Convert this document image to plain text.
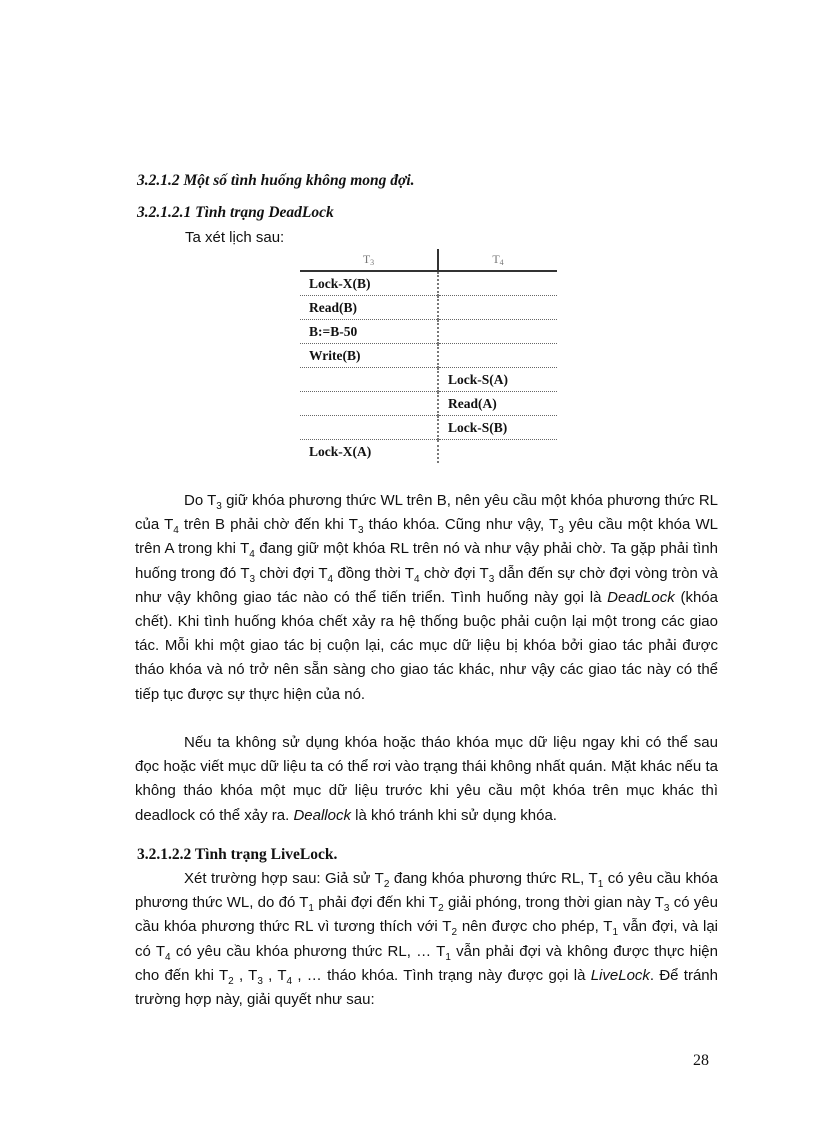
3.2.1.2 Một số tình huống không mong đợi.
3.2.1.2.1 Tình trạng DeadLock
Ta xét lịch sau:
$T_3$	$T_4$
Lock-X(B)	
Read(B)	
B:=B-50	
Write(B)	
	Lock-S(A)
	Read(A)
	Lock-S(B)
Lock-X(A)	

Do $T_3$ giữ khóa phương thức WL trên B, nên yêu cầu một khóa phương thức RL của $T_4$ trên B phải chờ đến khi $T_3$ tháo khóa. Cũng như vậy, $T_3$ yêu cầu một khóa WL trên A trong khi $T_4$ đang giữ một khóa RL trên nó và như vậy phải chờ. Ta gặp phải tình huống trong đó $T_3$ chời đợi $T_4$ đồng thời $T_4$ chờ đợi $T_3$ dẫn đến sự chờ đợi vòng tròn và như vậy không giao tác nào có thể tiến triển. Tình huống này gọi là DeadLock (khóa chết). Khi tình huống khóa chết xảy ra hệ thống buộc phải cuộn lại một trong các giao tác. Mỗi khi một giao tác bị cuộn lại, các mục dữ liệu bị khóa bởi giao tác phải được tháo khóa và nó trở nên sẵn sàng cho giao tác khác, như vậy các giao tác này có thể tiếp tục được sự thực hiện của nó.

Nếu ta không sử dụng khóa hoặc tháo khóa mục dữ liệu ngay khi có thể sau đọc hoặc viết mục dữ liệu ta có thể rơi vào trạng thái không nhất quán. Mặt khác nếu ta không tháo khóa một mục dữ liệu trước khi yêu cầu một khóa trên mục khác thì deadlock có thể xảy ra. Deallock là khó tránh khi sử dụng khóa.

3.2.1.2.2 Tình trạng LiveLock.

Xét trường hợp sau: Giả sử $T_2$ đang khóa phương thức RL, $T_1$ có yêu cầu khóa phương thức WL, do đó $T_1$ phải đợi đến khi $T_2$ giải phóng, trong thời gian này $T_3$ có yêu cầu khóa phương thức RL vì tương thích với $T_2$ nên được cho phép, $T_1$ vẫn đợi, và lại có $T_4$ có yêu cầu khóa phương thức RL, … $T_1$ vẫn phải đợi và không được thực hiện cho đến khi $T_2$ , $T_3$ , $T_4$ , … tháo khóa. Tình trạng này được gọi là LiveLock. Để tránh trường hợp này, giải quyết như sau:

28
